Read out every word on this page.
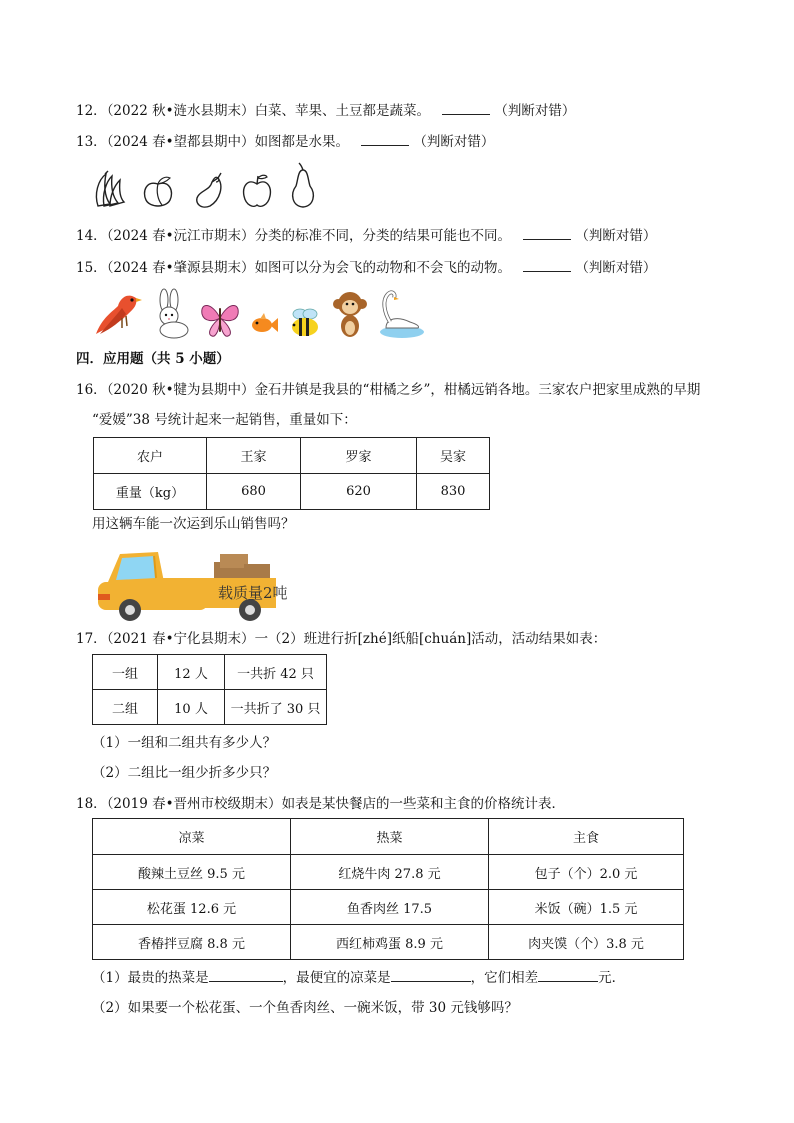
12．（2022 秋•涟水县期末）白菜、苹果、土豆都是蔬菜。	（判断对错）
13．（2024 春•望都县期中）如图都是水果。	（判断对错）
14．（2024 春•沅江市期末）分类的标准不同，分类的结果可能也不同。	（判断对错）
15．（2024 春•肇源县期末）如图可以分为会飞的动物和不会飞的动物。	（判断对错）
四．应用题（共 5 小题）
16．（2020 秋•犍为县期中）金石井镇是我县的“柑橘之乡”，柑橘远销各地。三家农户把家里成熟的早期
“爱媛”38 号统计起来一起销售，重量如下：
农户	王家	罗家	吴家
重量（kg）	680	620	830
用这辆车能一次运到乐山销售吗？
载质量2吨
17．（2021 春•宁化县期末）一（2）班进行折[zhé]纸船[chuán]活动，活动结果如表：
一组	12 人	一共折 42 只
二组	10 人	一共折了 30 只
（1）一组和二组共有多少人？
（2）二组比一组少折多少只？
18．（2019 春•晋州市校级期末）如表是某快餐店的一些菜和主食的价格统计表．
凉菜	热菜	主食
酸辣土豆丝 9.5 元	红烧牛肉 27.8 元	包子（个）2.0 元
松花蛋 12.6 元	鱼香肉丝 17.5	米饭（碗）1.5 元
香椿拌豆腐 8.8 元	西红柿鸡蛋 8.9 元	肉夹馍（个）3.8 元
（1）最贵的热菜是	，最便宜的凉菜是	，它们相差	元．
（2）如果要一个松花蛋、一个鱼香肉丝、一碗米饭，带 30 元钱够吗？
